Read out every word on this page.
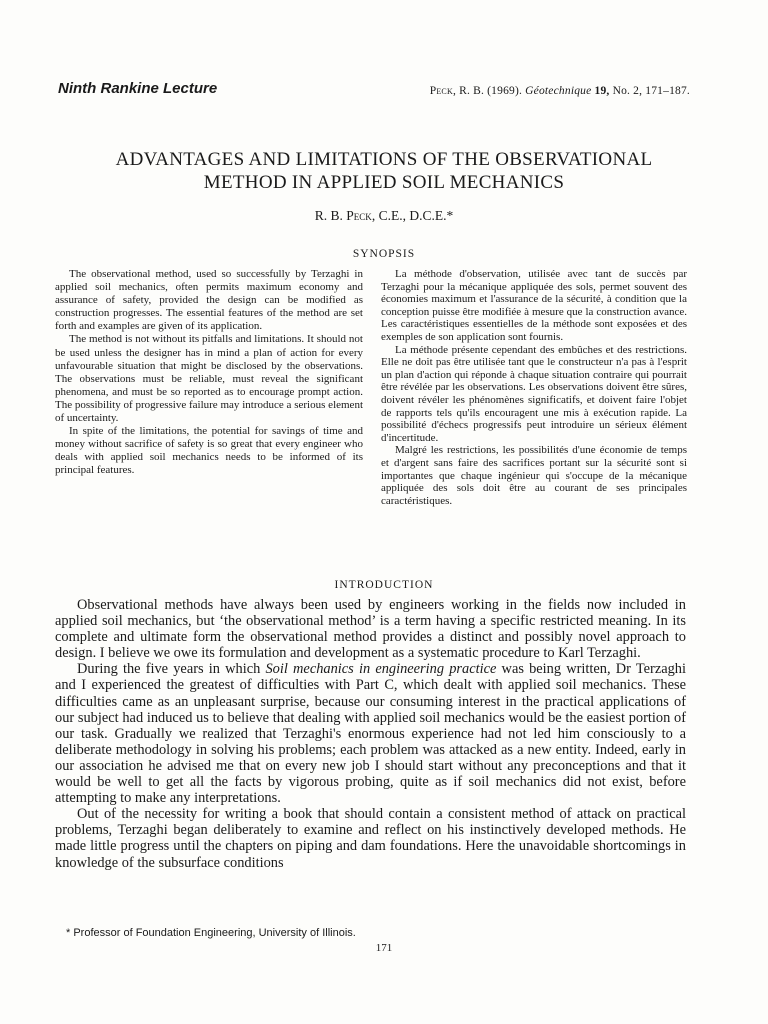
Ninth Rankine Lecture	Peck, R. B. (1969). Géotechnique 19, No. 2, 171–187.
ADVANTAGES AND LIMITATIONS OF THE OBSERVATIONAL
METHOD IN APPLIED SOIL MECHANICS
R. B. Peck, C.E., D.C.E.*
SYNOPSIS

The observational method, used so successfully by Terzaghi in applied soil mechanics, often permits maximum economy and assurance of safety, provided the design can be modified as construction progresses. The essential features of the method are set forth and examples are given of its application.

The method is not without its pitfalls and limitations. It should not be used unless the designer has in mind a plan of action for every unfavourable situation that might be disclosed by the observations. The observations must be reliable, must reveal the significant phenomena, and must be so reported as to encourage prompt action. The possibility of progressive failure may introduce a serious element of uncertainty.

In spite of the limitations, the potential for savings of time and money without sacrifice of safety is so great that every engineer who deals with applied soil mechanics needs to be informed of its principal features.

La méthode d'observation, utilisée avec tant de succès par Terzaghi pour la mécanique appliquée des sols, permet souvent des économies maximum et l'assurance de la sécurité, à condition que la conception puisse être modifiée à mesure que la construction avance. Les caractéristiques essentielles de la méthode sont exposées et des exemples de son application sont fournis.

La méthode présente cependant des embûches et des restrictions. Elle ne doit pas être utilisée tant que le constructeur n'a pas à l'esprit un plan d'action qui réponde à chaque situation contraire qui pourrait être révélée par les observations. Les observations doivent être sûres, doivent révéler les phénomènes significatifs, et doivent faire l'objet de rapports tels qu'ils encouragent une mis à exécution rapide. La possibilité d'échecs progressifs peut introduire un sérieux élément d'incertitude.

Malgré les restrictions, les possibilités d'une économie de temps et d'argent sans faire des sacrifices portant sur la sécurité sont si importantes que chaque ingénieur qui s'occupe de la mécanique appliquée des sols doit être au courant de ses principales caractéristiques.

INTRODUCTION

Observational methods have always been used by engineers working in the fields now included in applied soil mechanics, but ‘the observational method’ is a term having a specific restricted meaning. In its complete and ultimate form the observational method provides a distinct and possibly novel approach to design. I believe we owe its formulation and development as a systematic procedure to Karl Terzaghi.

During the five years in which Soil mechanics in engineering practice was being written, Dr Terzaghi and I experienced the greatest of difficulties with Part C, which dealt with applied soil mechanics. These difficulties came as an unpleasant surprise, because our consuming interest in the practical applications of our subject had induced us to believe that dealing with applied soil mechanics would be the easiest portion of our task. Gradually we realized that Terzaghi's enormous experience had not led him consciously to a deliberate methodology in solving his problems; each problem was attacked as a new entity. Indeed, early in our association he advised me that on every new job I should start without any preconceptions and that it would be well to get all the facts by vigorous probing, quite as if soil mechanics did not exist, before attempting to make any interpretations.

Out of the necessity for writing a book that should contain a consistent method of attack on practical problems, Terzaghi began deliberately to examine and reflect on his instinctively developed methods. He made little progress until the chapters on piping and dam foundations. Here the unavoidable shortcomings in knowledge of the subsurface conditions

* Professor of Foundation Engineering, University of Illinois.
171
